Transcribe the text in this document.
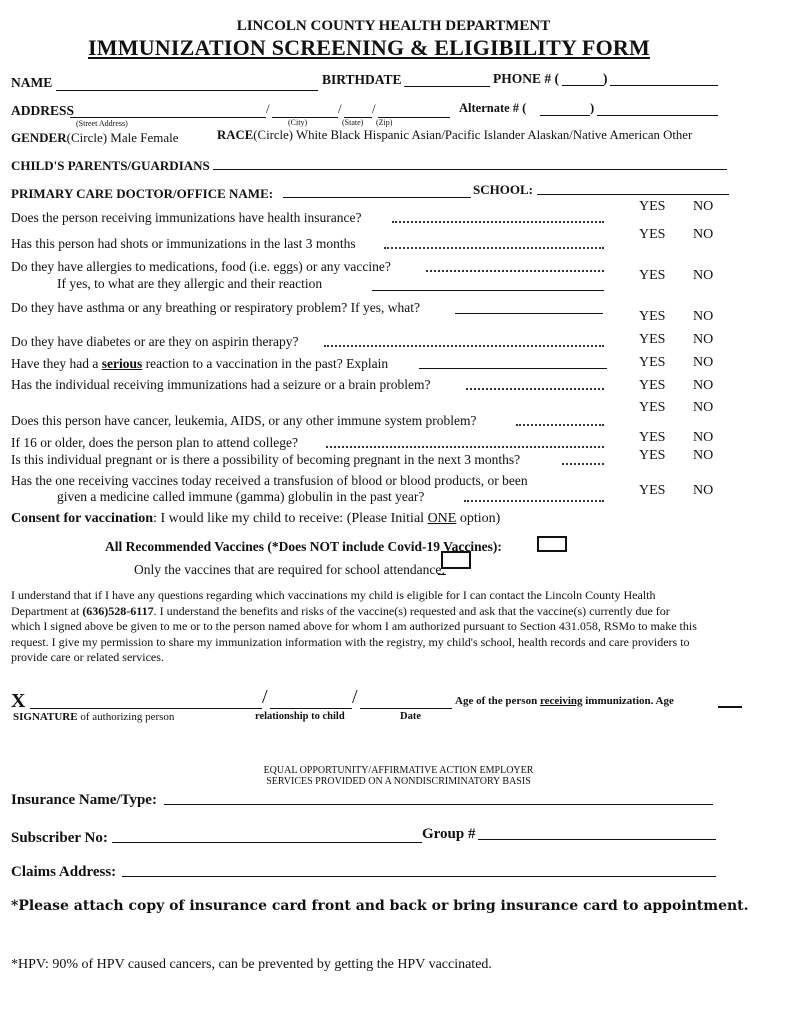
LINCOLN COUNTY HEALTH DEPARTMENT
IMMUNIZATION SCREENING & ELIGIBILITY FORM
NAME	BIRTHDATE	PHONE # (	)
ADDRESS	/	/ /	Alternate # (	)
(Street Address)	(City)	(State) (Zip)
GENDER(Circle) Male Female	RACE(Circle) White Black Hispanic Asian/Pacific Islander Alaskan/Native American Other
CHILD'S PARENTS/GUARDIANS
PRIMARY CARE DOCTOR/OFFICE NAME:	SCHOOL:
Does the person receiving immunizations have health insurance?
YES NO
Has this person had shots or immunizations in the last 3 months
YES NO
Do they have allergies to medications, food (i.e. eggs) or any vaccine?
If yes, to what are they allergic and their reaction
YES NO
Do they have asthma or any breathing or respiratory problem? If yes, what?
YES NO
Do they have diabetes or are they on aspirin therapy?	YES NO
Have they had a serious reaction to a vaccination in the past? Explain	YES NO
Has the individual receiving immunizations had a seizure or a brain problem?	YES NO
Does this person have cancer, leukemia, AIDS, or any other immune system problem?
YES NO
If 16 or older, does the person plan to attend college?	YES NO
Is this individual pregnant or is there a possibility of becoming pregnant in the next 3 months?	YES NO
Has the one receiving vaccines today received a transfusion of blood or blood products, or been
given a medicine called immune (gamma) globulin in the past year?	YES NO
Consent for vaccination: I would like my child to receive: (Please Initial ONE option)
All Recommended Vaccines (*Does NOT include Covid-19 Vaccines):
Only the vaccines that are required for school attendance:
I understand that if I have any questions regarding which vaccinations my child is eligible for I can contact the Lincoln County Health
Department at (636)528-6117. I understand the benefits and risks of the vaccine(s) requested and ask that the vaccine(s) currently due for
which I signed above be given to me or to the person named above for whom I am authorized pursuant to Section 431.058, RSMo to make this
request. I give my permission to share my immunization information with the registry, my child's school, health records and care providers to
provide care or related services.
X	/	/	Age of the person receiving immunization. Age
SIGNATURE of authorizing person	relationship to child	Date
EQUAL OPPORTUNITY/AFFIRMATIVE ACTION EMPLOYER
SERVICES PROVIDED ON A NONDISCRIMINATORY BASIS
Insurance Name/Type:
Subscriber No:	Group #
Claims Address:
*Please attach copy of insurance card front and back or bring insurance card to appointment.
*HPV: 90% of HPV caused cancers, can be prevented by getting the HPV vaccinated.
